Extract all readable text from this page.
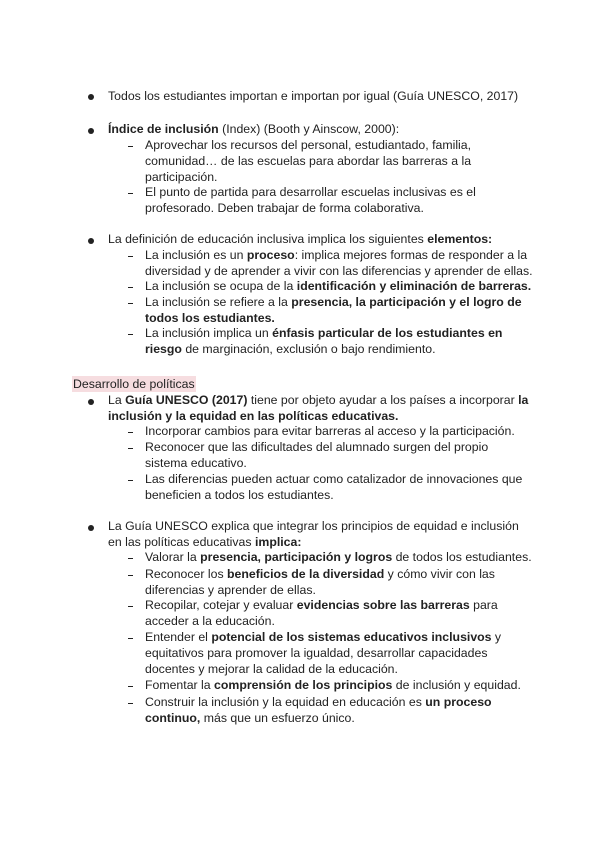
Todos los estudiantes importan e importan por igual (Guía UNESCO, 2017)
Índice de inclusión (Index) (Booth y Ainscow, 2000):
Aprovechar los recursos del personal, estudiantado, familia,
comunidad… de las escuelas para abordar las barreras a la
participación.
El punto de partida para desarrollar escuelas inclusivas es el
profesorado. Deben trabajar de forma colaborativa.
La definición de educación inclusiva implica los siguientes elementos:
La inclusión es un proceso: implica mejores formas de responder a la
diversidad y de aprender a vivir con las diferencias y aprender de ellas.
La inclusión se ocupa de la identificación y eliminación de barreras.
La inclusión se refiere a la presencia, la participación y el logro de
todos los estudiantes.
La inclusión implica un énfasis particular de los estudiantes en
riesgo de marginación, exclusión o bajo rendimiento.
Desarrollo de políticas
La Guía UNESCO (2017) tiene por objeto ayudar a los países a incorporar la
inclusión y la equidad en las políticas educativas.
Incorporar cambios para evitar barreras al acceso y la participación.
Reconocer que las dificultades del alumnado surgen del propio
sistema educativo.
Las diferencias pueden actuar como catalizador de innovaciones que
beneficien a todos los estudiantes.
La Guía UNESCO explica que integrar los principios de equidad e inclusión
en las políticas educativas implica:
Valorar la presencia, participación y logros de todos los estudiantes.
Reconocer los beneficios de la diversidad y cómo vivir con las
diferencias y aprender de ellas.
Recopilar, cotejar y evaluar evidencias sobre las barreras para
acceder a la educación.
Entender el potencial de los sistemas educativos inclusivos y
equitativos para promover la igualdad, desarrollar capacidades
docentes y mejorar la calidad de la educación.
Fomentar la comprensión de los principios de inclusión y equidad.
Construir la inclusión y la equidad en educación es un proceso
continuo, más que un esfuerzo único.
